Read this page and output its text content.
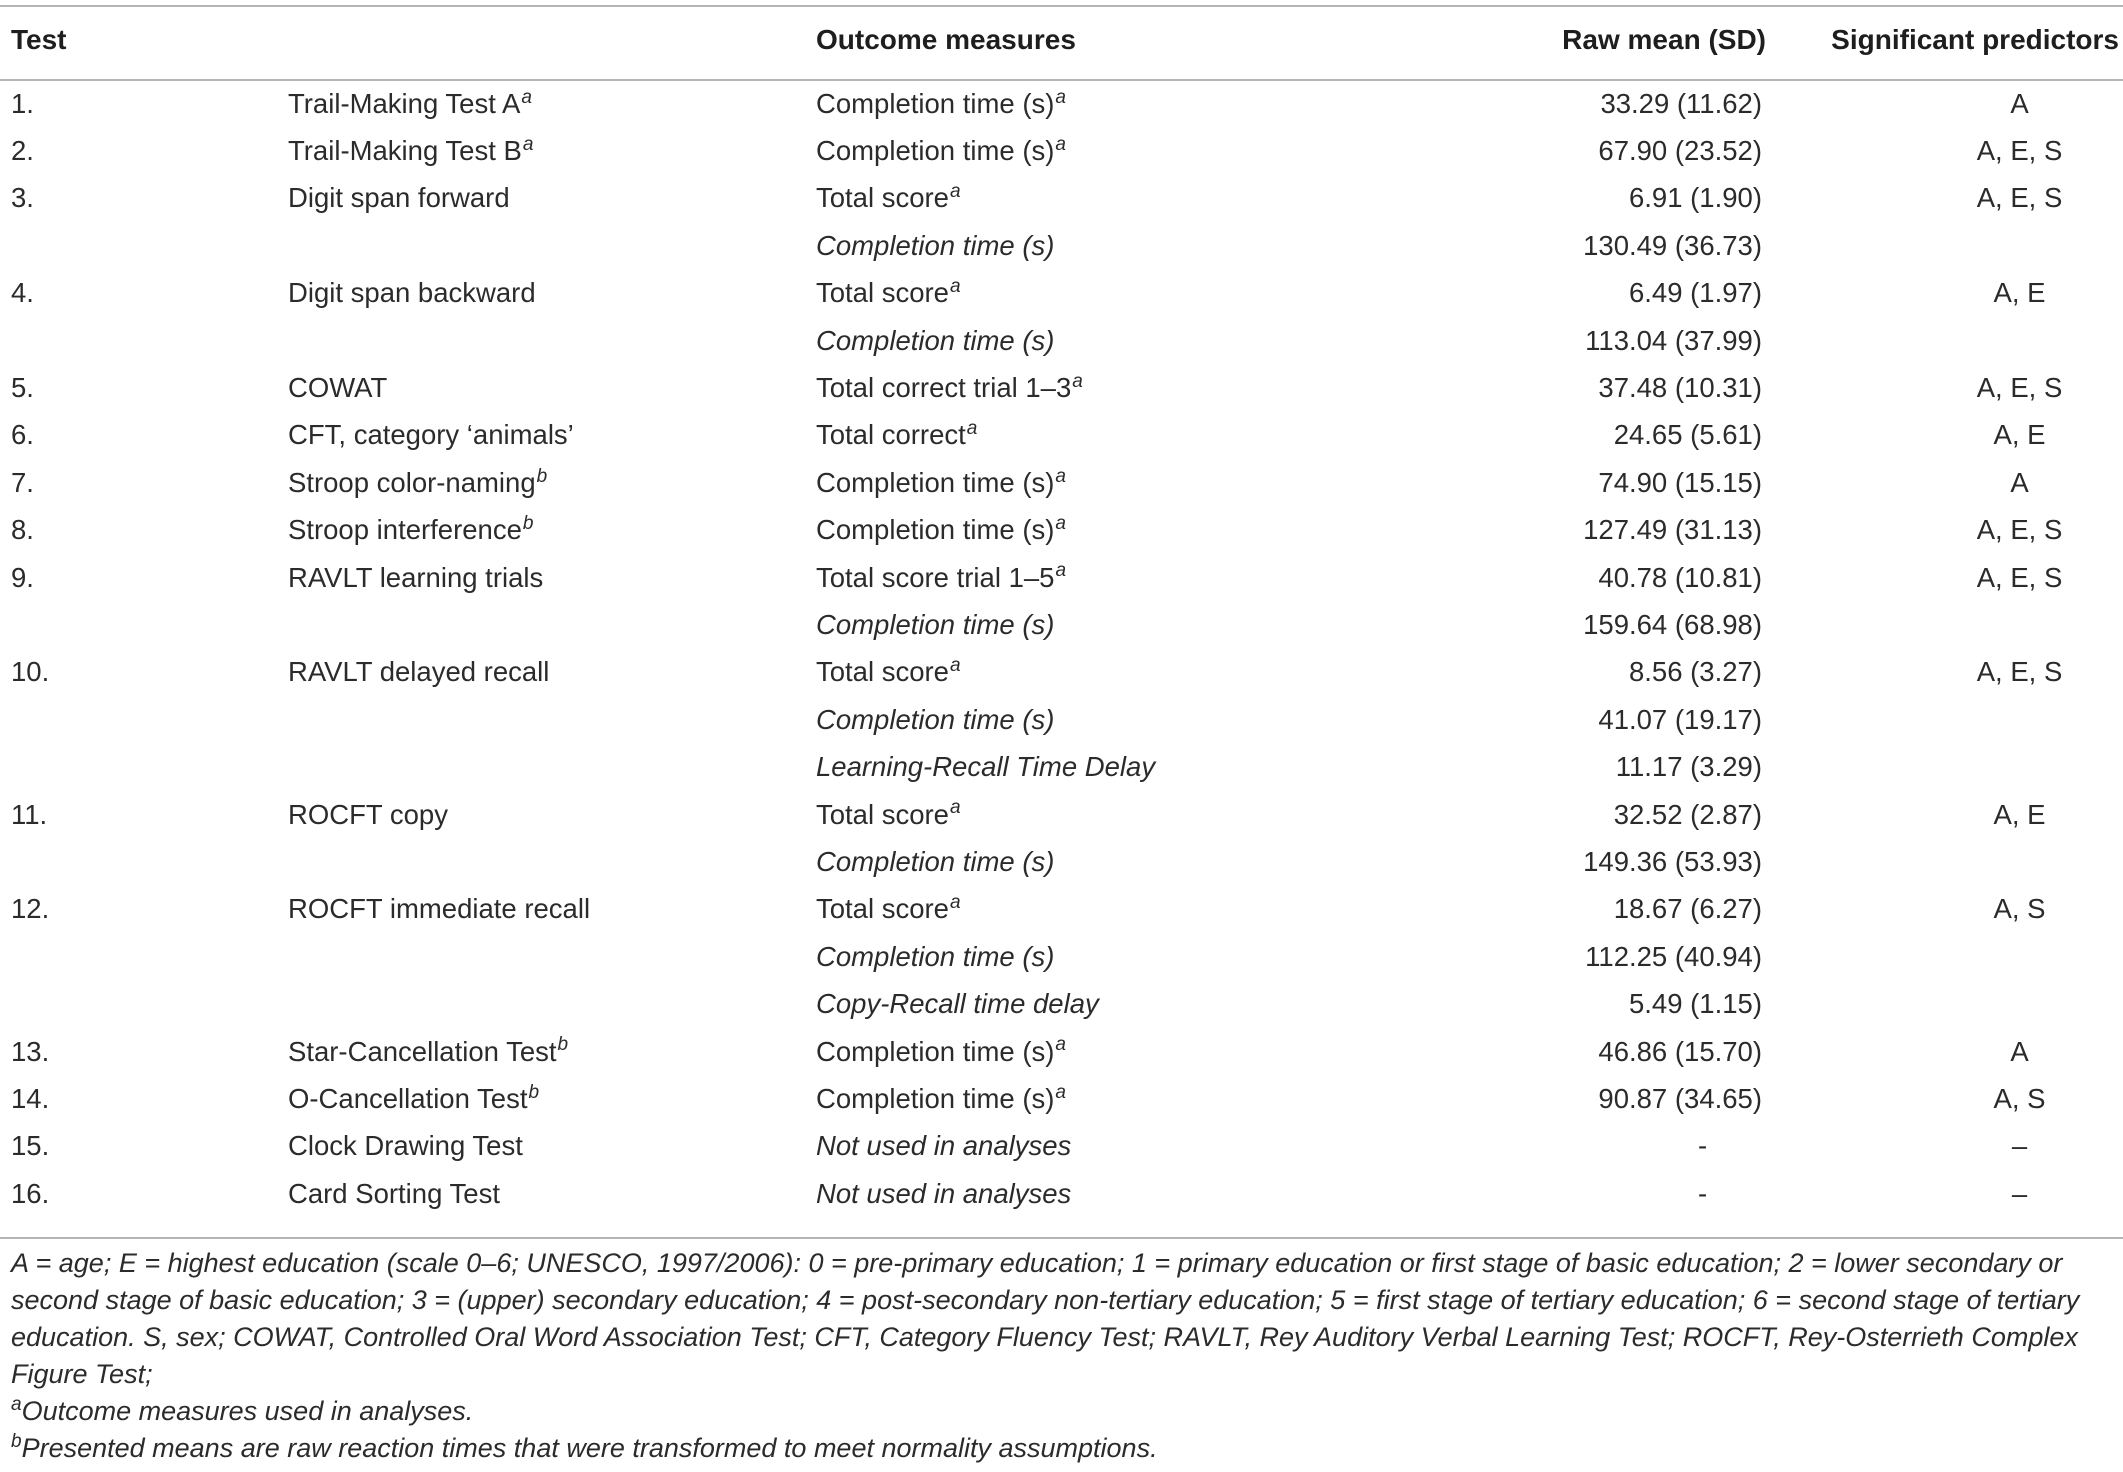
Test		Outcome measures	Raw mean (SD)	Significant predictors
1.	Trail-Making Test $A^a$	Completion time $(s)^a$	33.29 (11.62)	A

2.	Trail-Making Test $B^a$	Completion time $(s)^a$	67.90 (23.52)	A, E, S

3.	Digit span forward	Total score$^a$	6.91 (1.90)	A, E, S

		Completion time (s)	130.49 (36.73)	

4.	Digit span backward	Total score$^a$	6.49 (1.97)	A, E

		Completion time (s)	113.04 (37.99)	

5.	COWAT	Total correct trial 1–3$^a$	37.48 (10.31)	A, E, S

6.	CFT, category ‘animals’	Total correct$^a$	24.65 (5.61)	A, E

7.	Stroop color-naming$^b$	Completion time $(s)^a$	74.90 (15.15)	A

8.	Stroop interference$^b$	Completion time $(s)^a$	127.49 (31.13)	A, E, S

9.	RAVLT learning trials	Total score trial 1–5$^a$	40.78 (10.81)	A, E, S

		Completion time (s)	159.64 (68.98)	

10.	RAVLT delayed recall	Total score$^a$	8.56 (3.27)	A, E, S

		Completion time (s)	41.07 (19.17)	

		Learning-Recall Time Delay	11.17 (3.29)	

11.	ROCFT copy	Total score$^a$	32.52 (2.87)	A, E

		Completion time (s)	149.36 (53.93)	

12.	ROCFT immediate recall	Total score$^a$	18.67 (6.27)	A, S

		Completion time (s)	112.25 (40.94)	

		Copy-Recall time delay	5.49 (1.15)	

13.	Star-Cancellation Test$^b$	Completion time $(s)^a$	46.86 (15.70)	A

14.	O-Cancellation Test$^b$	Completion time $(s)^a$	90.87 (34.65)	A, S

15.	Clock Drawing Test	Not used in analyses	-	–

16.	Card Sorting Test	Not used in analyses	-	–

A = age; E = highest education (scale 0–6; UNESCO, 1997/2006): 0 = pre-primary education; 1 = primary education or first stage of basic education; 2 = lower secondary or second stage of basic education; 3 = (upper) secondary education; 4 = post-secondary non-tertiary education; 5 = first stage of tertiary education; 6 = second stage of tertiary education. S, sex; COWAT, Controlled Oral Word Association Test; CFT, Category Fluency Test; RAVLT, Rey Auditory Verbal Learning Test; ROCFT, Rey-Osterrieth Complex Figure Test;

$^a$Outcome measures used in analyses.

$^b$Presented means are raw reaction times that were transformed to meet normality assumptions.
